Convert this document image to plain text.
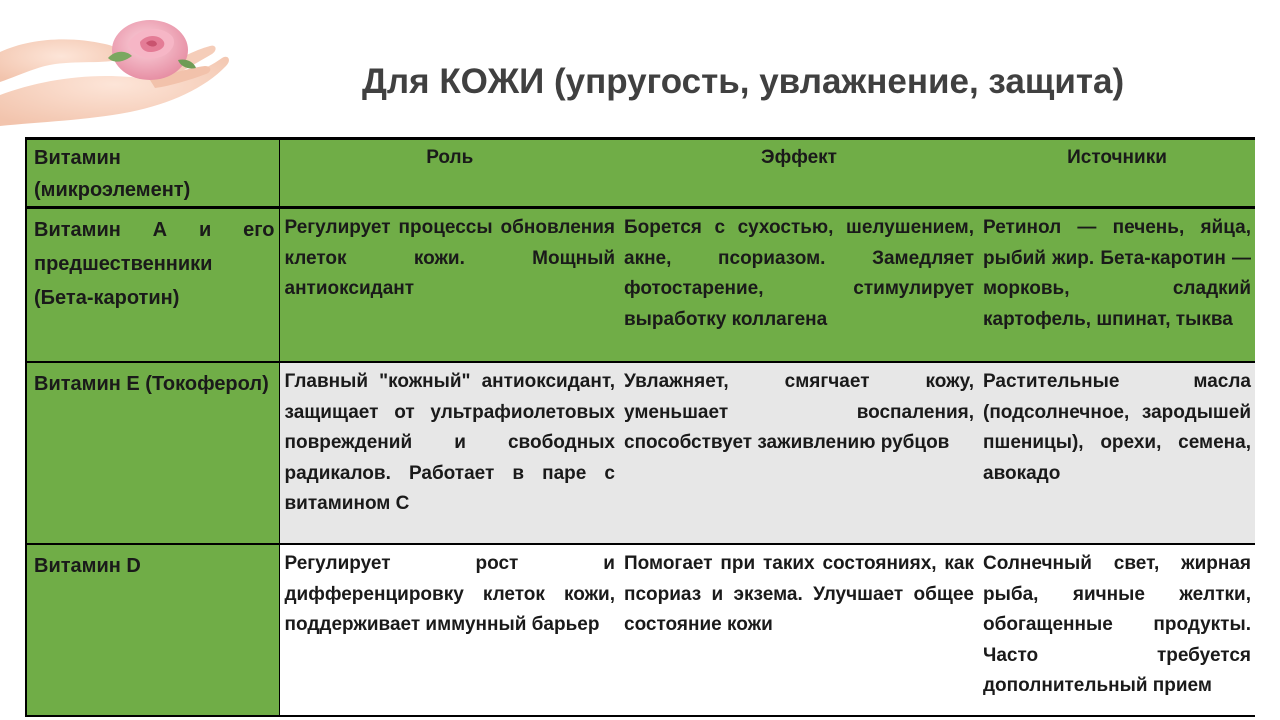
Для КОЖИ (упругость, увлажнение, защита)
Витамин (микроэлемент)	Роль	Эффект	Источники
Витамин А и его предшественники (Бета-каротин)	Регулирует процессы обновления клеток кожи. Мощный антиоксидант	Борется с сухостью, шелушением, акне, псориазом. Замедляет фотостарение, стимулирует выработку коллагена	Ретинол — печень, яйца, рыбий жир. Бета-каротин — морковь, сладкий картофель, шпинат, тыква
Витамин Е (Токоферол)	Главный "кожный" антиоксидант, защищает от ультрафиолетовых повреждений и свободных радикалов. Работает в паре с витамином С	Увлажняет, смягчает кожу, уменьшает воспаления, способствует заживлению рубцов	Растительные масла (подсолнечное, зародышей пшеницы), орехи, семена, авокадо
Витамин D	Регулирует рост и дифференцировку клеток кожи, поддерживает иммунный барьер	Помогает при таких состояниях, как псориаз и экзема. Улучшает общее состояние кожи	Солнечный свет, жирная рыба, яичные желтки, обогащенные продукты. Часто требуется дополнительный прием
